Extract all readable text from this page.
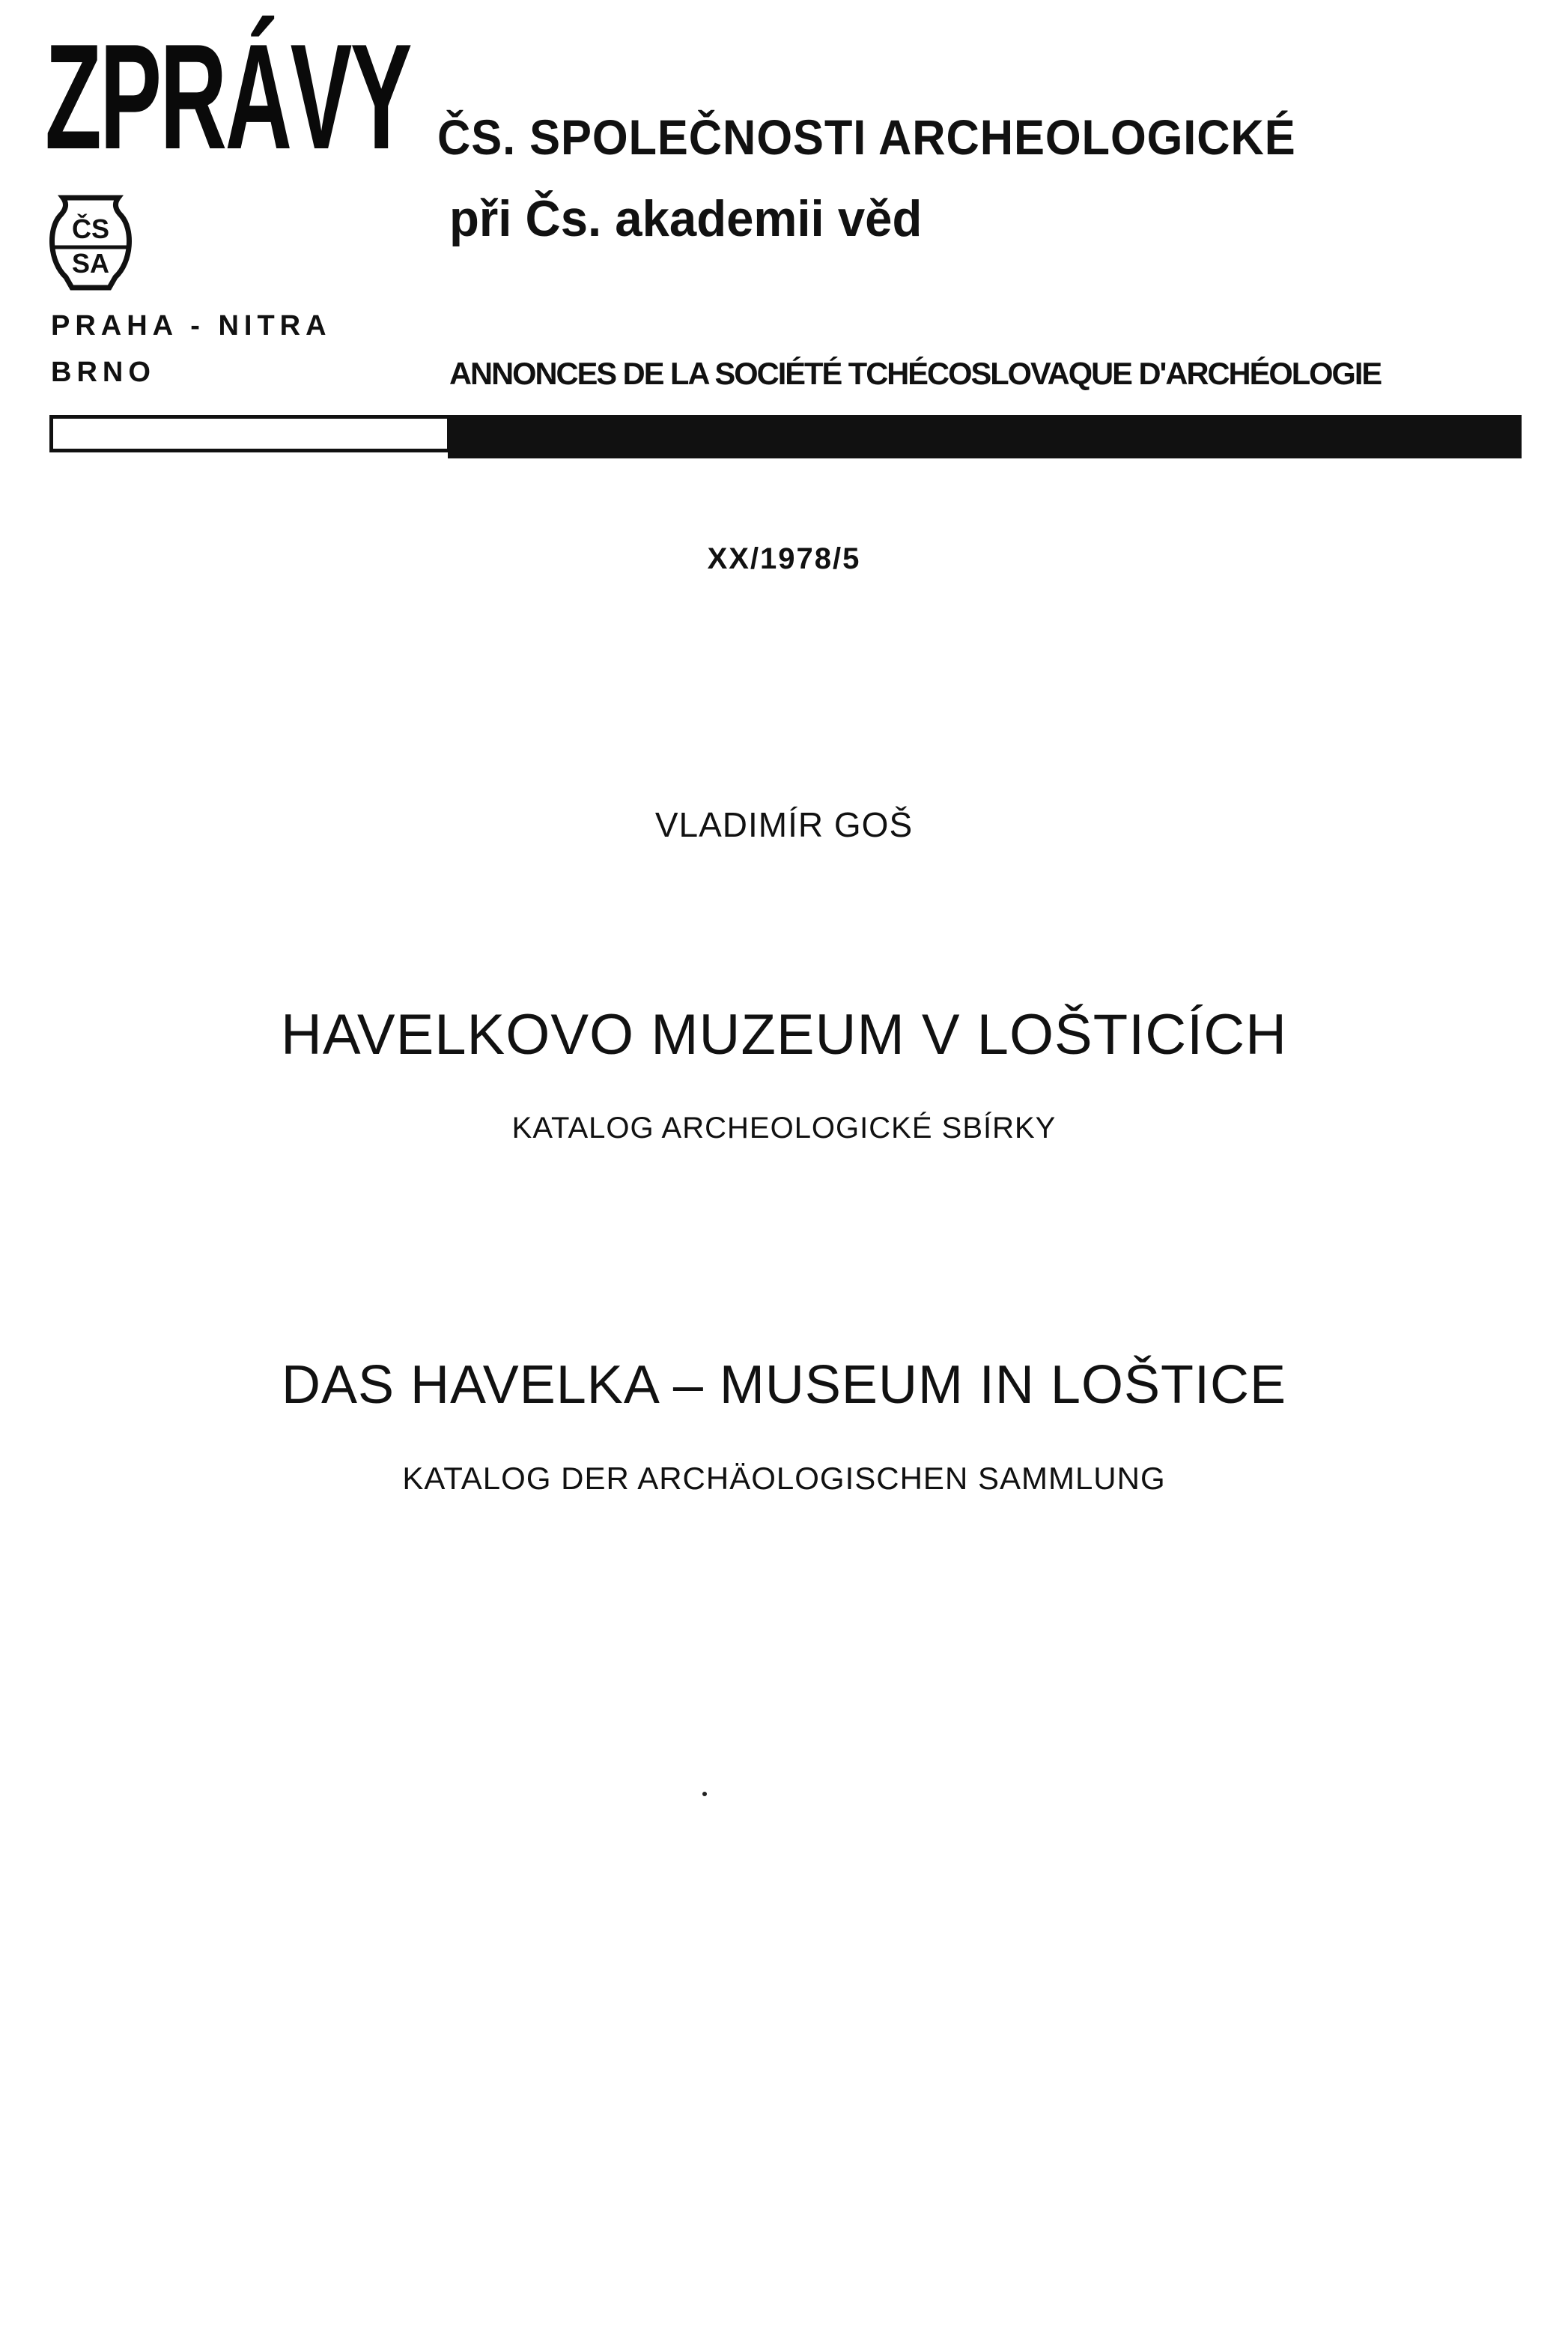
ZPRÁVY ČS. SPOLEČNOSTI ARCHEOLOGICKÉ
při Čs. akademii věd
ČS
SA
PRAHA - NITRA
BRNO	ANNONCES DE LA SOCIÉTÉ TCHÉCOSLOVAQUE D'ARCHÉOLOGIE
XX/1978/5
VLADIMÍR GOŠ
HAVELKOVO MUZEUM V LOŠTICÍCH
KATALOG ARCHEOLOGICKÉ SBÍRKY
DAS HAVELKA – MUSEUM IN LOŠTICE
KATALOG DER ARCHÄOLOGISCHEN SAMMLUNG
